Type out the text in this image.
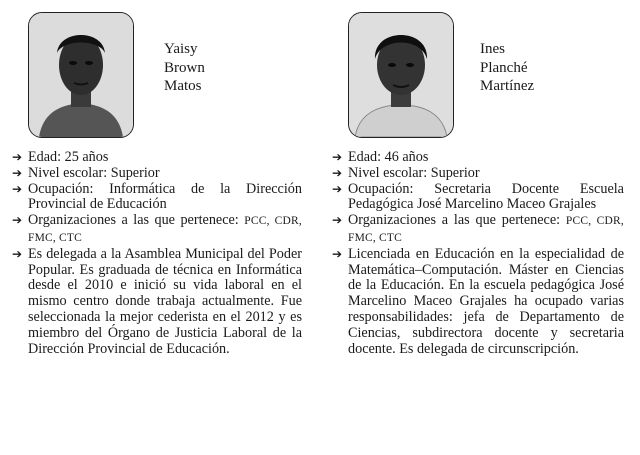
Yaisy
Brown
Matos
➔ Edad: 25 años
➔ Nivel escolar: Superior
➔ Ocupación: Informática de la Dirección Provincial de Educación
➔ Organizaciones a las que pertenece: PCC, CDR, FMC, CTC
➔ Es delegada a la Asamblea Municipal del Poder Popular. Es graduada de técnica en Informática desde el 2010 e inició su vida laboral en el mismo centro donde trabaja actualmente. Fue seleccionada la mejor cederista en el 2012 y es miembro del Órgano de Justicia Laboral de la Dirección Provincial de Educación.
Ines
Planché
Martínez
➔ Edad: 46 años
➔ Nivel escolar: Superior
➔ Ocupación: Secretaria Docente Escuela Pedagógica José Marcelino Maceo Grajales
➔ Organizaciones a las que pertenece: PCC, CDR, FMC, CTC
➔ Licenciada en Educación en la especialidad de Matemática–Computación. Máster en Ciencias de la Educación. En la escuela pedagógica José Marcelino Maceo Grajales ha ocupado varias responsabilidades: jefa de Departamento de Ciencias, subdirectora docente y secretaria docente. Es delegada de circunscripción.
